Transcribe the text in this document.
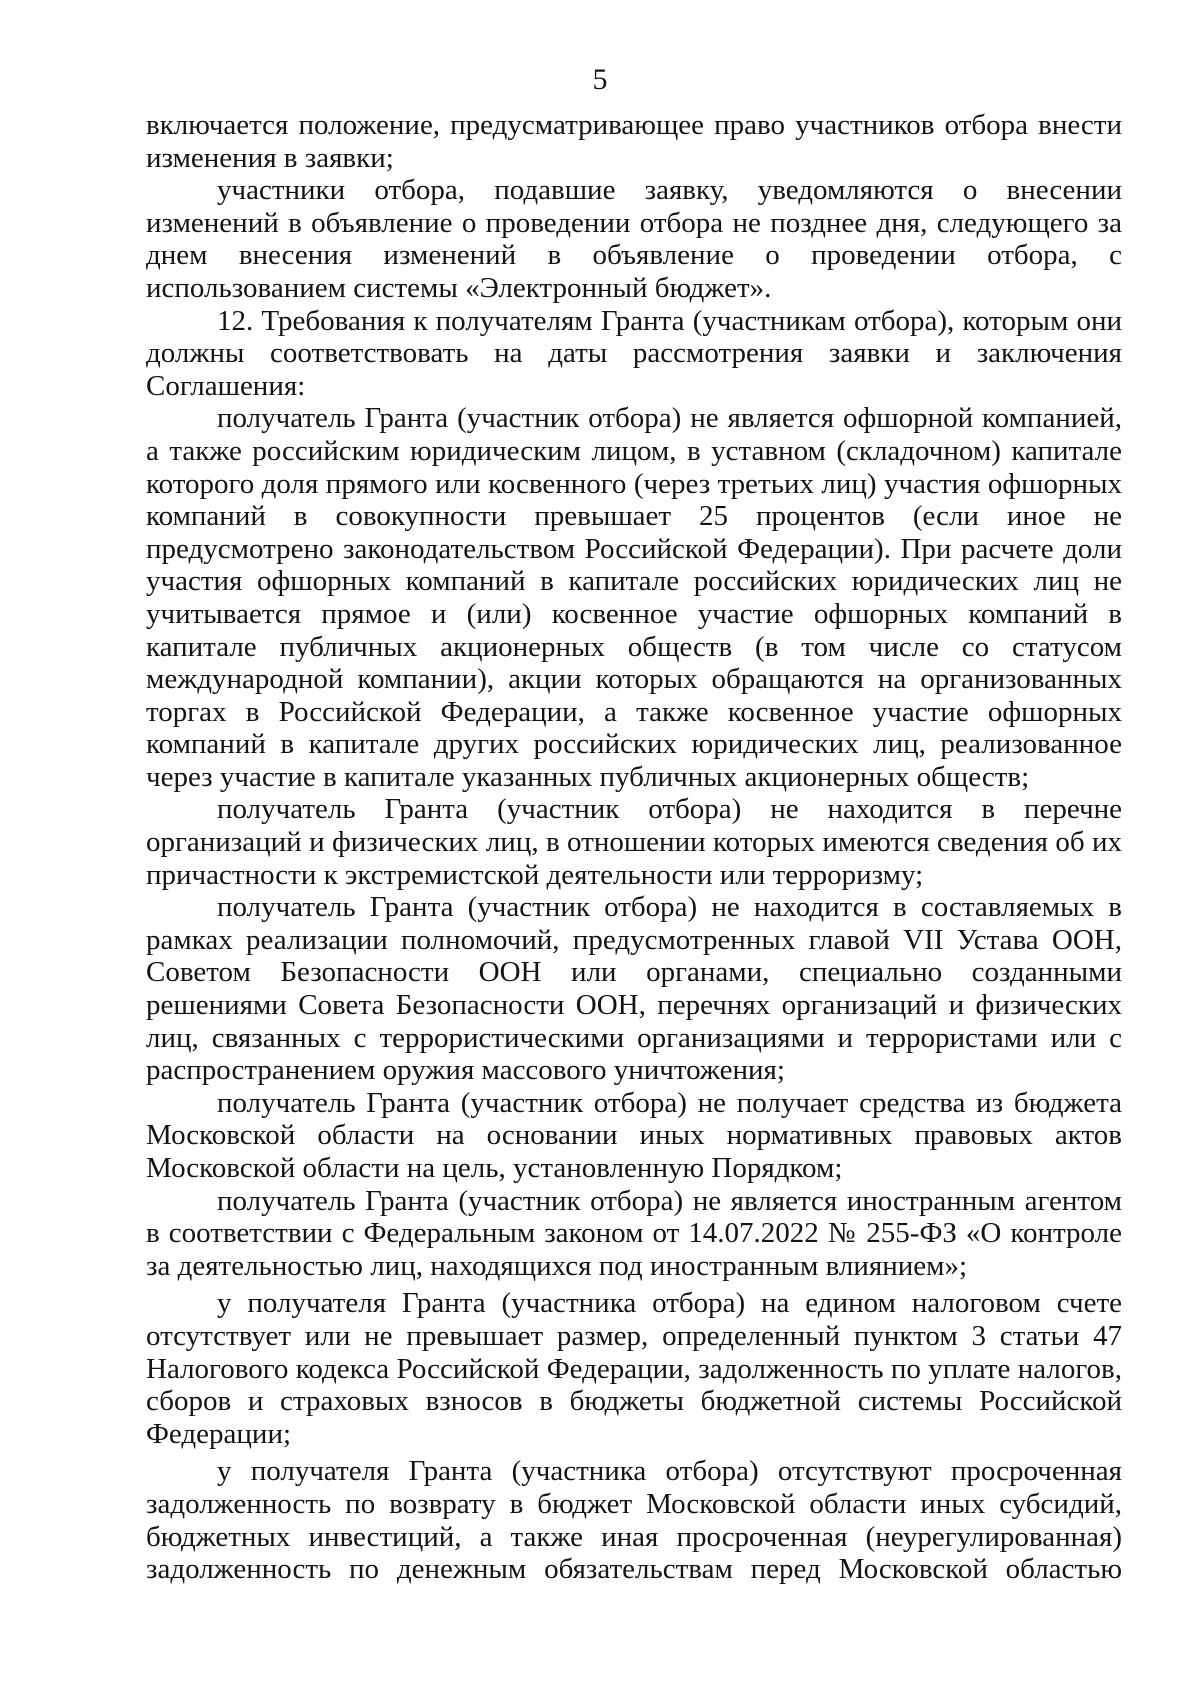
5

включается положение, предусматривающее право участников отбора внести изменения в заявки;

участники отбора, подавшие заявку, уведомляются о внесении изменений в объявление о проведении отбора не позднее дня, следующего за днем внесения изменений в объявление о проведении отбора, с использованием системы «Электронный бюджет».

12. Требования к получателям Гранта (участникам отбора), которым они должны соответствовать на даты рассмотрения заявки и заключения Соглашения:

получатель Гранта (участник отбора) не является офшорной компанией, а также российским юридическим лицом, в уставном (складочном) капитале которого доля прямого или косвенного (через третьих лиц) участия офшорных компаний в совокупности превышает 25 процентов (если иное не предусмотрено законодательством Российской Федерации). При расчете доли участия офшорных компаний в капитале российских юридических лиц не учитывается прямое и (или) косвенное участие офшорных компаний в капитале публичных акционерных обществ (в том числе со статусом международной компании), акции которых обращаются на организованных торгах в Российской Федерации, а также косвенное участие офшорных компаний в капитале других российских юридических лиц, реализованное через участие в капитале указанных публичных акционерных обществ;

получатель Гранта (участник отбора) не находится в перечне организаций и физических лиц, в отношении которых имеются сведения об их причастности к экстремистской деятельности или терроризму;

получатель Гранта (участник отбора) не находится в составляемых в рамках реализации полномочий, предусмотренных главой VII Устава ООН, Советом Безопасности ООН или органами, специально созданными решениями Совета Безопасности ООН, перечнях организаций и физических лиц, связанных с террористическими организациями и террористами или с распространением оружия массового уничтожения;

получатель Гранта (участник отбора) не получает средства из бюджета Московской области на основании иных нормативных правовых актов Московской области на цель, установленную Порядком;

получатель Гранта (участник отбора) не является иностранным агентом в соответствии с Федеральным законом от 14.07.2022 № 255-ФЗ «О контроле за деятельностью лиц, находящихся под иностранным влиянием»;

у получателя Гранта (участника отбора) на едином налоговом счете отсутствует или не превышает размер, определенный пунктом 3 статьи 47 Налогового кодекса Российской Федерации, задолженность по уплате налогов, сборов и страховых взносов в бюджеты бюджетной системы Российской Федерации;

у получателя Гранта (участника отбора) отсутствуют просроченная задолженность по возврату в бюджет Московской области иных субсидий, бюджетных инвестиций, а также иная просроченная (неурегулированная) задолженность по денежным обязательствам перед Московской областью
